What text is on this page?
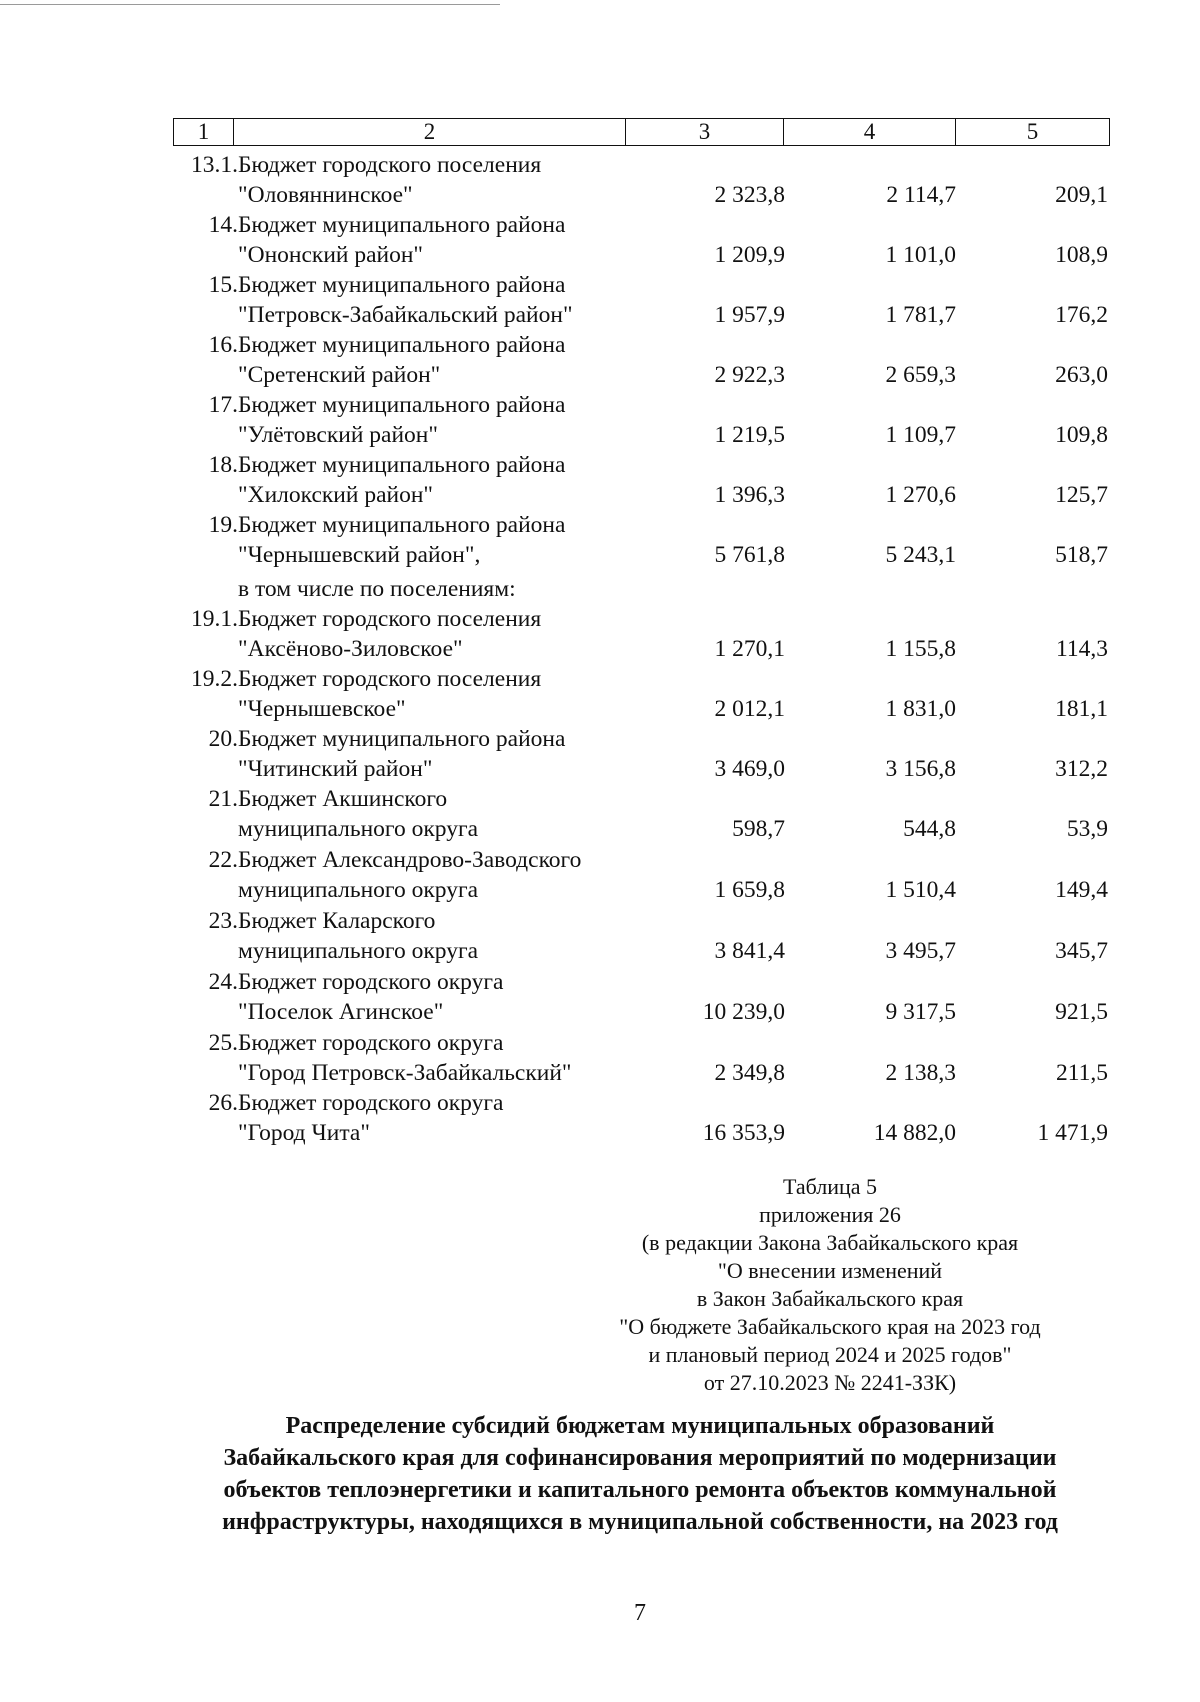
1	2	3	4	5
13.1. Бюджет городского поселения
"Оловяннинское"	2 323,8	2 114,7	209,1
14. Бюджет муниципального района
"Ононский район"	1 209,9	1 101,0	108,9
15. Бюджет муниципального района
"Петровск-Забайкальский район"	1 957,9	1 781,7	176,2
16. Бюджет муниципального района
"Сретенский район"	2 922,3	2 659,3	263,0
17. Бюджет муниципального района
"Улётовский район"	1 219,5	1 109,7	109,8
18. Бюджет муниципального района
"Хилокский район"	1 396,3	1 270,6	125,7
19. Бюджет муниципального района
"Чернышевский район",	5 761,8	5 243,1	518,7
в том числе по поселениям:
19.1. Бюджет городского поселения
"Аксёново-Зиловское"	1 270,1	1 155,8	114,3
19.2. Бюджет городского поселения
"Чернышевское"	2 012,1	1 831,0	181,1
20. Бюджет муниципального района
"Читинский район"	3 469,0	3 156,8	312,2
21. Бюджет Акшинского
муниципального округа	598,7	544,8	53,9
22. Бюджет Александрово-Заводского
муниципального округа	1 659,8	1 510,4	149,4
23. Бюджет Каларского
муниципального округа	3 841,4	3 495,7	345,7
24. Бюджет городского округа
"Поселок Агинское"	10 239,0	9 317,5	921,5
25. Бюджет городского округа
"Город Петровск-Забайкальский"	2 349,8	2 138,3	211,5
26. Бюджет городского округа
"Город Чита"	16 353,9	14 882,0	1 471,9
Таблица 5
приложения 26
(в редакции Закона Забайкальского края
"О внесении изменений
в Закон Забайкальского края
"О бюджете Забайкальского края на 2023 год
и плановый период 2024 и 2025 годов"
от 27.10.2023 № 2241-ЗЗК)
Распределение субсидий бюджетам муниципальных образований
Забайкальского края для софинансирования мероприятий по модернизации
объектов теплоэнергетики и капитального ремонта объектов коммунальной
инфраструктуры, находящихся в муниципальной собственности, на 2023 год
7
